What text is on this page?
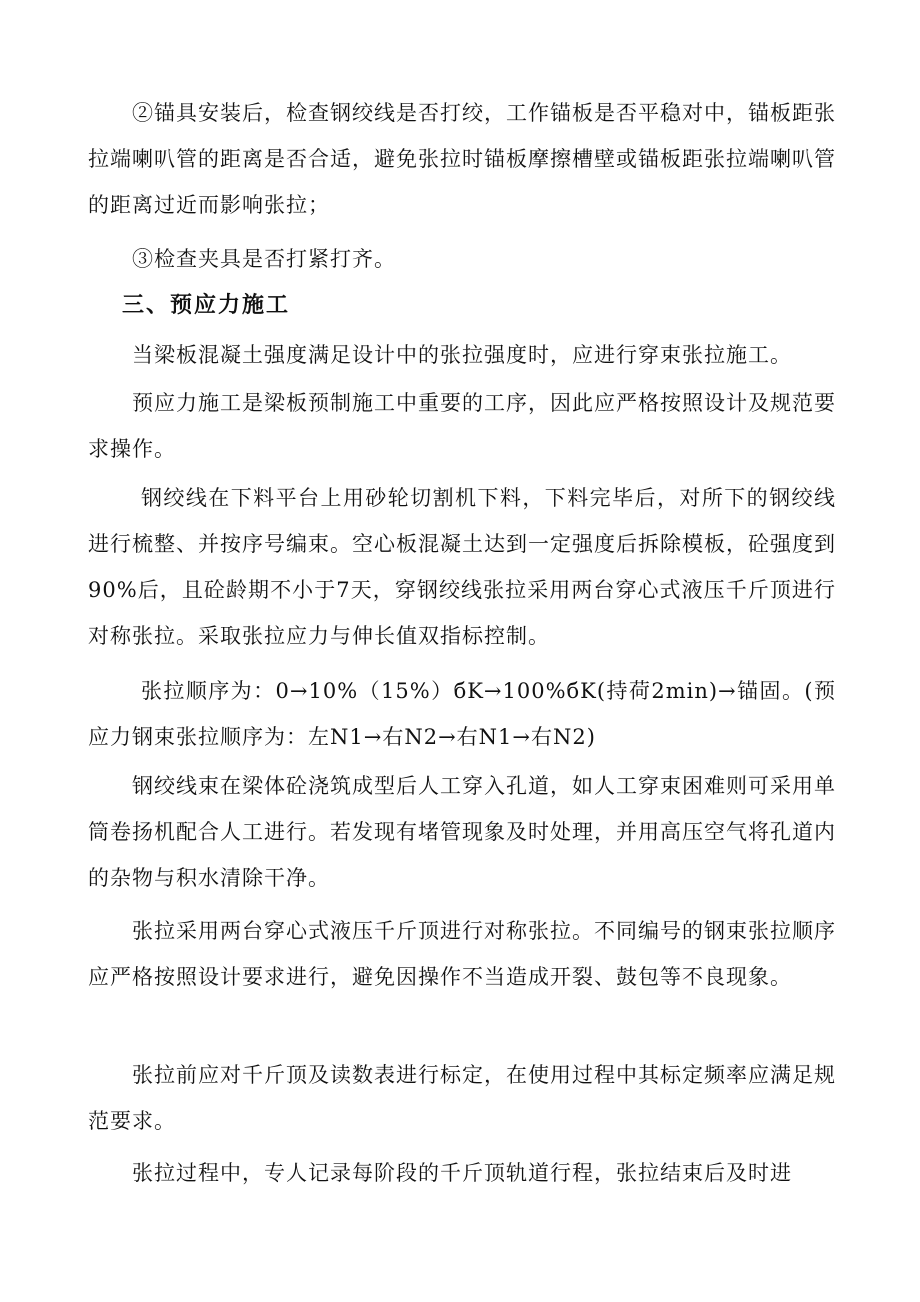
　　②锚具安装后，检查钢绞线是否打绞，工作锚板是否平稳对中，锚板距张拉端喇叭管的距离是否合适，避免张拉时锚板摩擦槽壁或锚板距张拉端喇叭管的距离过近而影响张拉；

　　③检查夹具是否打紧打齐。

三、预应力施工

　　当梁板混凝土强度满足设计中的张拉强度时，应进行穿束张拉施工。

　　预应力施工是梁板预制施工中重要的工序，因此应严格按照设计及规范要求操作。

　　 钢绞线在下料平台上用砂轮切割机下料，下料完毕后，对所下的钢绞线进行梳整、并按序号编束。空心板混凝土达到一定强度后拆除模板，砼强度到90%后，且砼龄期不小于7天，穿钢绞线张拉采用两台穿心式液压千斤顶进行对称张拉。采取张拉应力与伸长值双指标控制。

　　 张拉顺序为：0→10%（15%）бK→100%бK(持荷2min)→锚固。(预应力钢束张拉顺序为：左N1→右N2→右N1→右N2)

　　钢绞线束在梁体砼浇筑成型后人工穿入孔道，如人工穿束困难则可采用单筒卷扬机配合人工进行。若发现有堵管现象及时处理，并用高压空气将孔道内的杂物与积水清除干净。

　　张拉采用两台穿心式液压千斤顶进行对称张拉。不同编号的钢束张拉顺序应严格按照设计要求进行，避免因操作不当造成开裂、鼓包等不良现象。

　　张拉前应对千斤顶及读数表进行标定，在使用过程中其标定频率应满足规范要求。

　　张拉过程中，专人记录每阶段的千斤顶轨道行程，张拉结束后及时进
